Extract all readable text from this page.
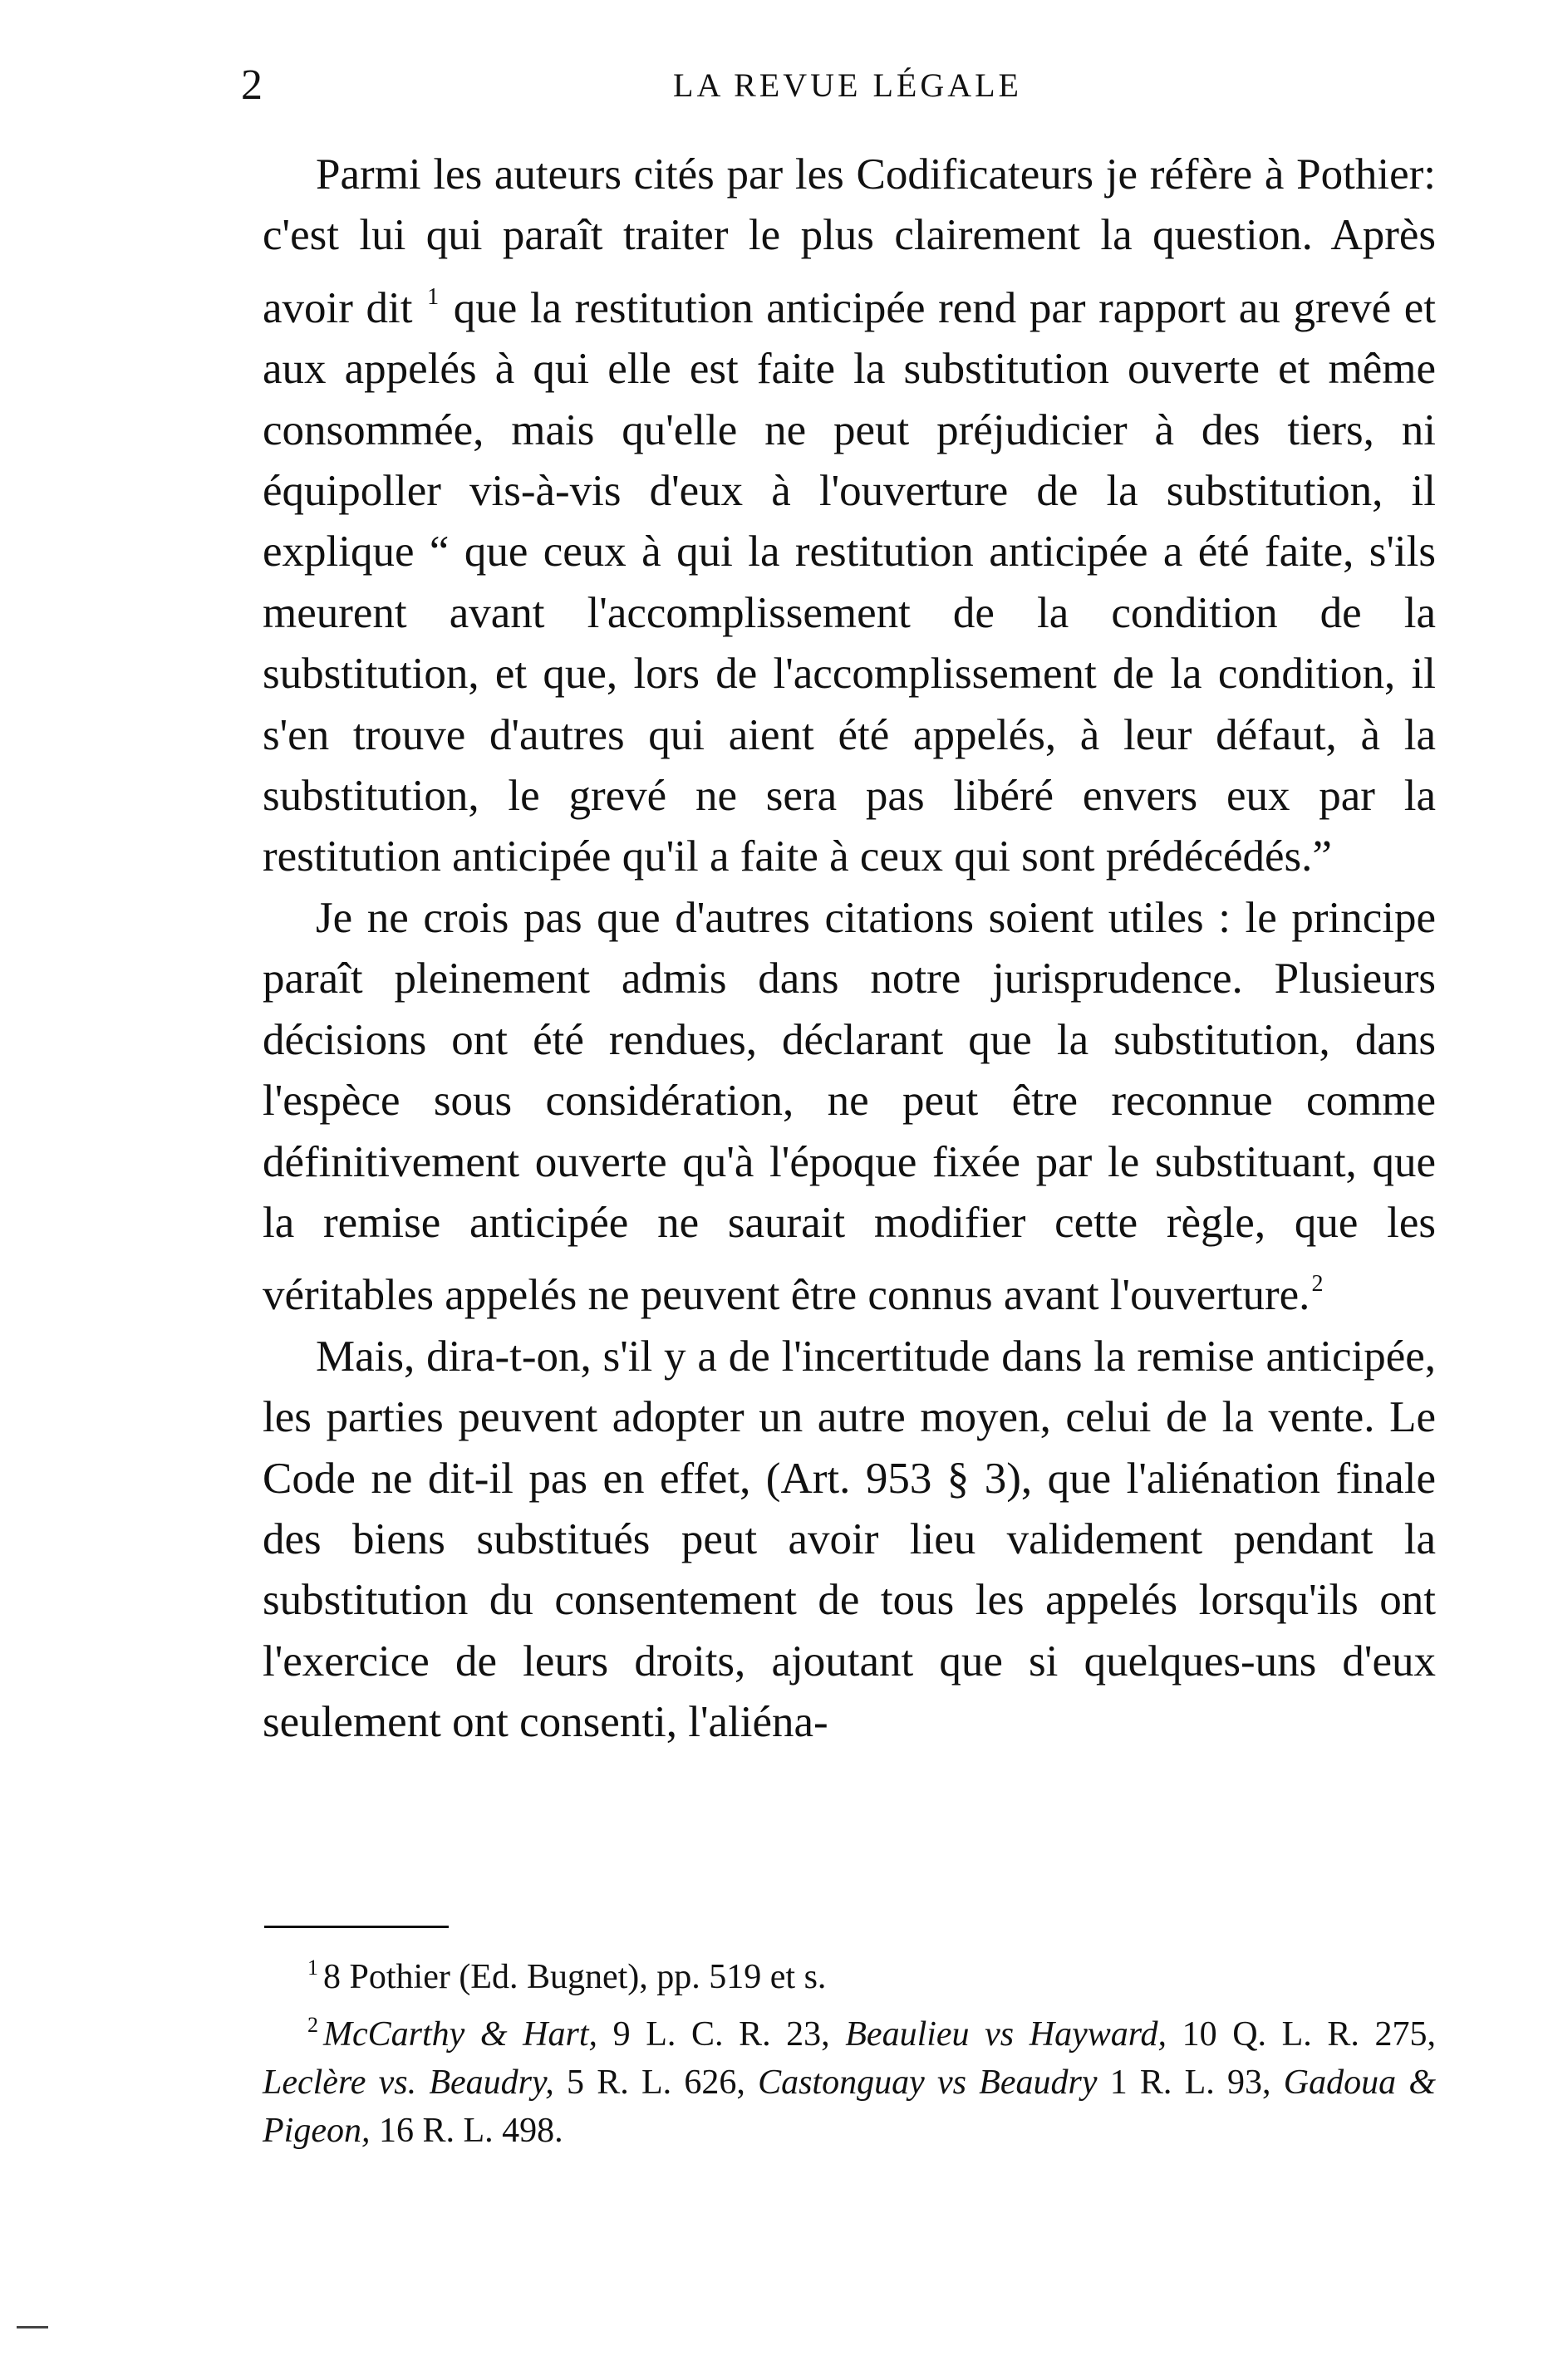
2	LA REVUE LÉGALE

Parmi les auteurs cités par les Codificateurs je réfère à Pothier: c'est lui qui paraît traiter le plus clairement la question. Après avoir dit $^1$ que la restitution anticipée rend par rapport au grevé et aux appelés à qui elle est faite la substitution ouverte et même consommée, mais qu'elle ne peut préjudicier à des tiers, ni équipoller vis-à-vis d'eux à l'ouverture de la substitution, il explique “ que ceux à qui la restitution anticipée a été faite, s'ils meurent avant l'accomplissement de la condition de la substitution, et que, lors de l'accomplissement de la condition, il s'en trouve d'autres qui aient été appelés, à leur défaut, à la substitution, le grevé ne sera pas libéré envers eux par la restitution anticipée qu'il a faite à ceux qui sont prédécédés.”

Je ne crois pas que d'autres citations soient utiles : le principe paraît pleinement admis dans notre jurisprudence. Plusieurs décisions ont été rendues, déclarant que la substitution, dans l'espèce sous considération, ne peut être reconnue comme définitivement ouverte qu'à l'époque fixée par le substituant, que la remise anticipée ne saurait modifier cette règle, que les véritables appelés ne peuvent être connus avant l'ouverture.$^2$

Mais, dira-t-on, s'il y a de l'incertitude dans la remise anticipée, les parties peuvent adopter un autre moyen, celui de la vente. Le Code ne dit-il pas en effet, (Art. 953 § 3), que l'aliénation finale des biens substitués peut avoir lieu validement pendant la substitution du consentement de tous les appelés lorsqu'ils ont l'exercice de leurs droits, ajoutant que si quelques-uns d'eux seulement ont consenti, l'aliéna-

$^1$ 8 Pothier (Ed. Bugnet), pp. 519 et s.

$^2$ McCarthy & Hart, 9 L. C. R. 23, Beaulieu vs Hayward, 10 Q. L. R. 275, Leclère vs. Beaudry, 5 R. L. 626, Castonguay vs Beaudry 1 R. L. 93, Gadoua & Pigeon, 16 R. L. 498.
